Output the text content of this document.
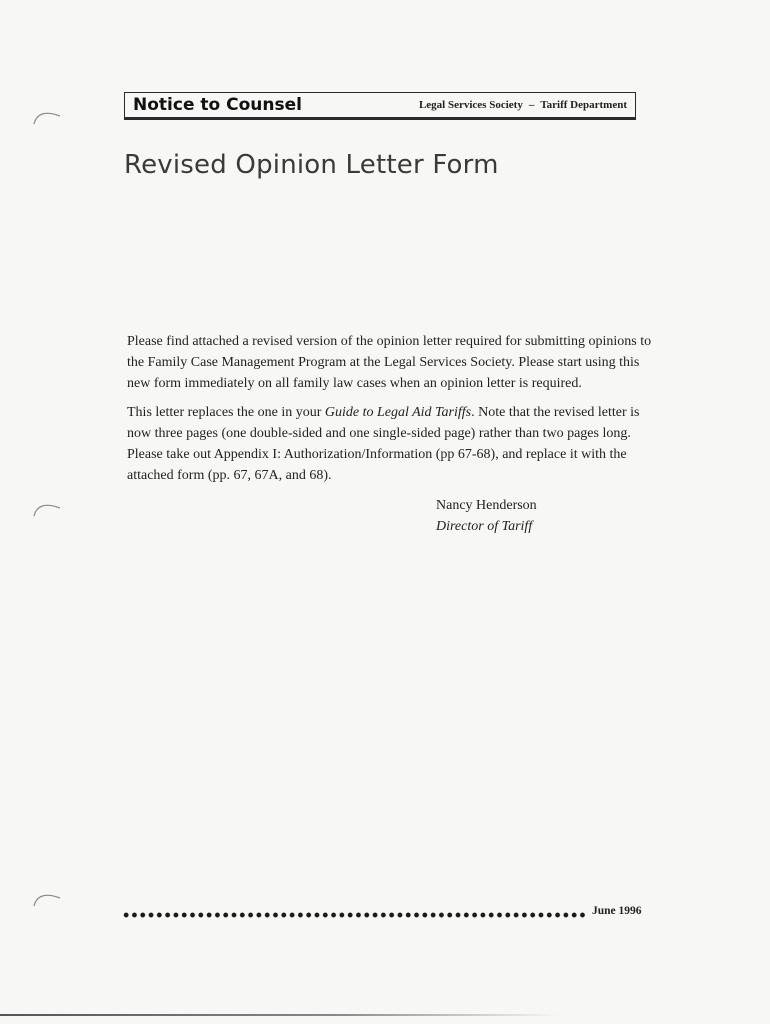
Notice to Counsel	Legal Services Society – Tariff Department
Revised Opinion Letter Form
Please find attached a revised version of the opinion letter required for submitting opinions to
the Family Case Management Program at the Legal Services Society. Please start using this
new form immediately on all family law cases when an opinion letter is required.
This letter replaces the one in your Guide to Legal Aid Tariffs. Note that the revised letter is
now three pages (one double-sided and one single-sided page) rather than two pages long.
Please take out Appendix I: Authorization/Information (pp 67-68), and replace it with the
attached form (pp. 67, 67A, and 68).
Nancy Henderson
Director of Tariff
June 1996
